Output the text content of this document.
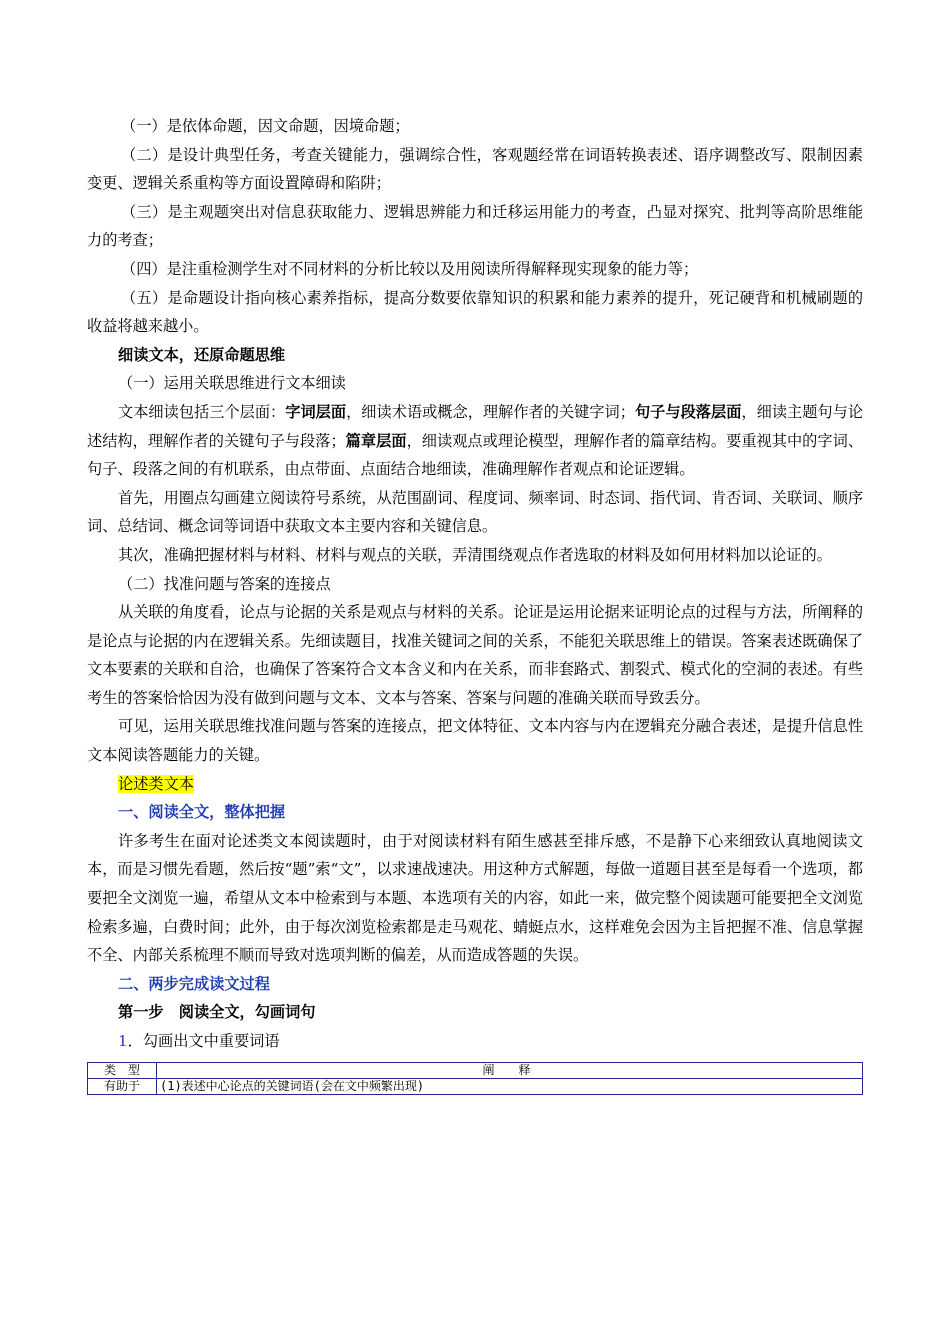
（一）是依体命题，因文命题，因境命题；

（二）是设计典型任务，考查关键能力，强调综合性，客观题经常在词语转换表述、语序调整改写、限制因素变更、逻辑关系重构等方面设置障碍和陷阱；

（三）是主观题突出对信息获取能力、逻辑思辨能力和迁移运用能力的考查，凸显对探究、批判等高阶思维能力的考查；

（四）是注重检测学生对不同材料的分析比较以及用阅读所得解释现实现象的能力等；

（五）是命题设计指向核心素养指标，提高分数要依靠知识的积累和能力素养的提升，死记硬背和机械刷题的收益将越来越小。

细读文本，还原命题思维

（一）运用关联思维进行文本细读

文本细读包括三个层面：字词层面，细读术语或概念，理解作者的关键字词；句子与段落层面，细读主题句与论述结构，理解作者的关键句子与段落；篇章层面，细读观点或理论模型，理解作者的篇章结构。要重视其中的字词、句子、段落之间的有机联系，由点带面、点面结合地细读，准确理解作者观点和论证逻辑。

首先，用圈点勾画建立阅读符号系统，从范围副词、程度词、频率词、时态词、指代词、肯否词、关联词、顺序词、总结词、概念词等词语中获取文本主要内容和关键信息。

其次，准确把握材料与材料、材料与观点的关联，弄清围绕观点作者选取的材料及如何用材料加以论证的。

（二）找准问题与答案的连接点

从关联的角度看，论点与论据的关系是观点与材料的关系。论证是运用论据来证明论点的过程与方法，所阐释的是论点与论据的内在逻辑关系。先细读题目，找准关键词之间的关系，不能犯关联思维上的错误。答案表述既确保了文本要素的关联和自洽，也确保了答案符合文本含义和内在关系，而非套路式、割裂式、模式化的空洞的表述。有些考生的答案恰恰因为没有做到问题与文本、文本与答案、答案与问题的准确关联而导致丢分。

可见，运用关联思维找准问题与答案的连接点，把文体特征、文本内容与内在逻辑充分融合表述，是提升信息性文本阅读答题能力的关键。

论述类文本

一、阅读全文，整体把握

许多考生在面对论述类文本阅读题时，由于对阅读材料有陌生感甚至排斥感，不是静下心来细致认真地阅读文本，而是习惯先看题，然后按“题”索“文”，以求速战速决。用这种方式解题，每做一道题目甚至是每看一个选项，都要把全文浏览一遍，希望从文本中检索到与本题、本选项有关的内容，如此一来，做完整个阅读题可能要把全文浏览检索多遍，白费时间；此外，由于每次浏览检索都是走马观花、蜻蜓点水，这样难免会因为主旨把握不准、信息掌握不全、内部关系梳理不顺而导致对选项判断的偏差，从而造成答题的失误。

二、两步完成读文过程

第一步　阅读全文，勾画词句

1．勾画出文中重要词语

类　型	阐　释
有助于	(1)表述中心论点的关键词语(会在文中频繁出现)
